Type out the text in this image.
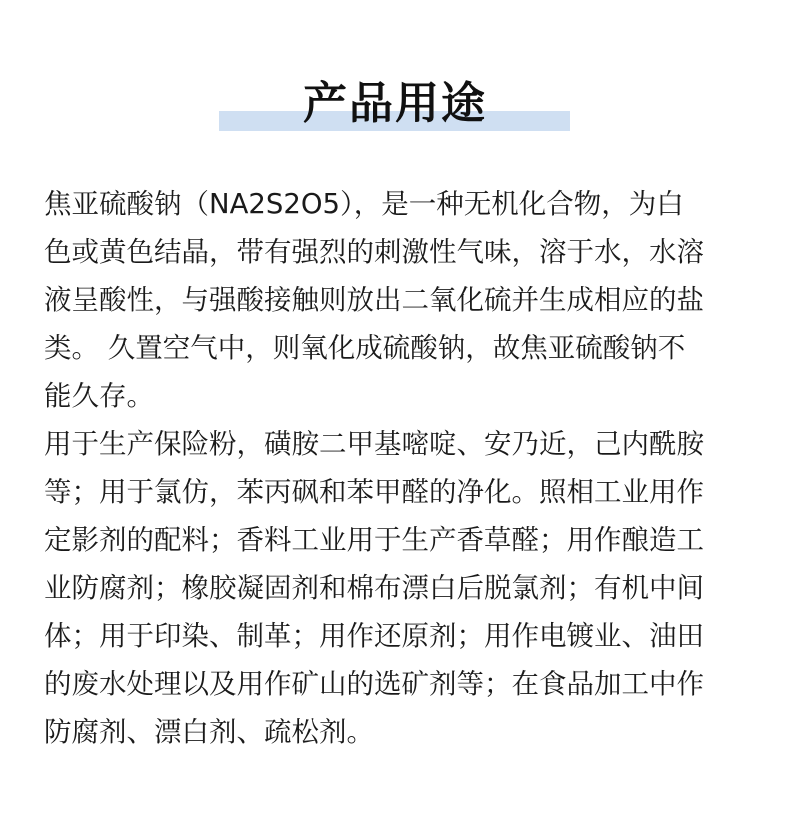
产品用途

焦亚硫酸钠（NA2S2O5），是一种无机化合物，为白
色或黄色结晶，带有强烈的刺激性气味，溶于水，水溶
液呈酸性，与强酸接触则放出二氧化硫并生成相应的盐
类。 久置空气中，则氧化成硫酸钠，故焦亚硫酸钠不
能久存。

用于生产保险粉，磺胺二甲基嘧啶、安乃近，己内酰胺
等；用于氯仿，苯丙砜和苯甲醛的净化。照相工业用作
定影剂的配料；香料工业用于生产香草醛；用作酿造工
业防腐剂；橡胶凝固剂和棉布漂白后脱氯剂；有机中间
体；用于印染、制革；用作还原剂；用作电镀业、油田
的废水处理以及用作矿山的选矿剂等；在食品加工中作
防腐剂、漂白剂、疏松剂。
